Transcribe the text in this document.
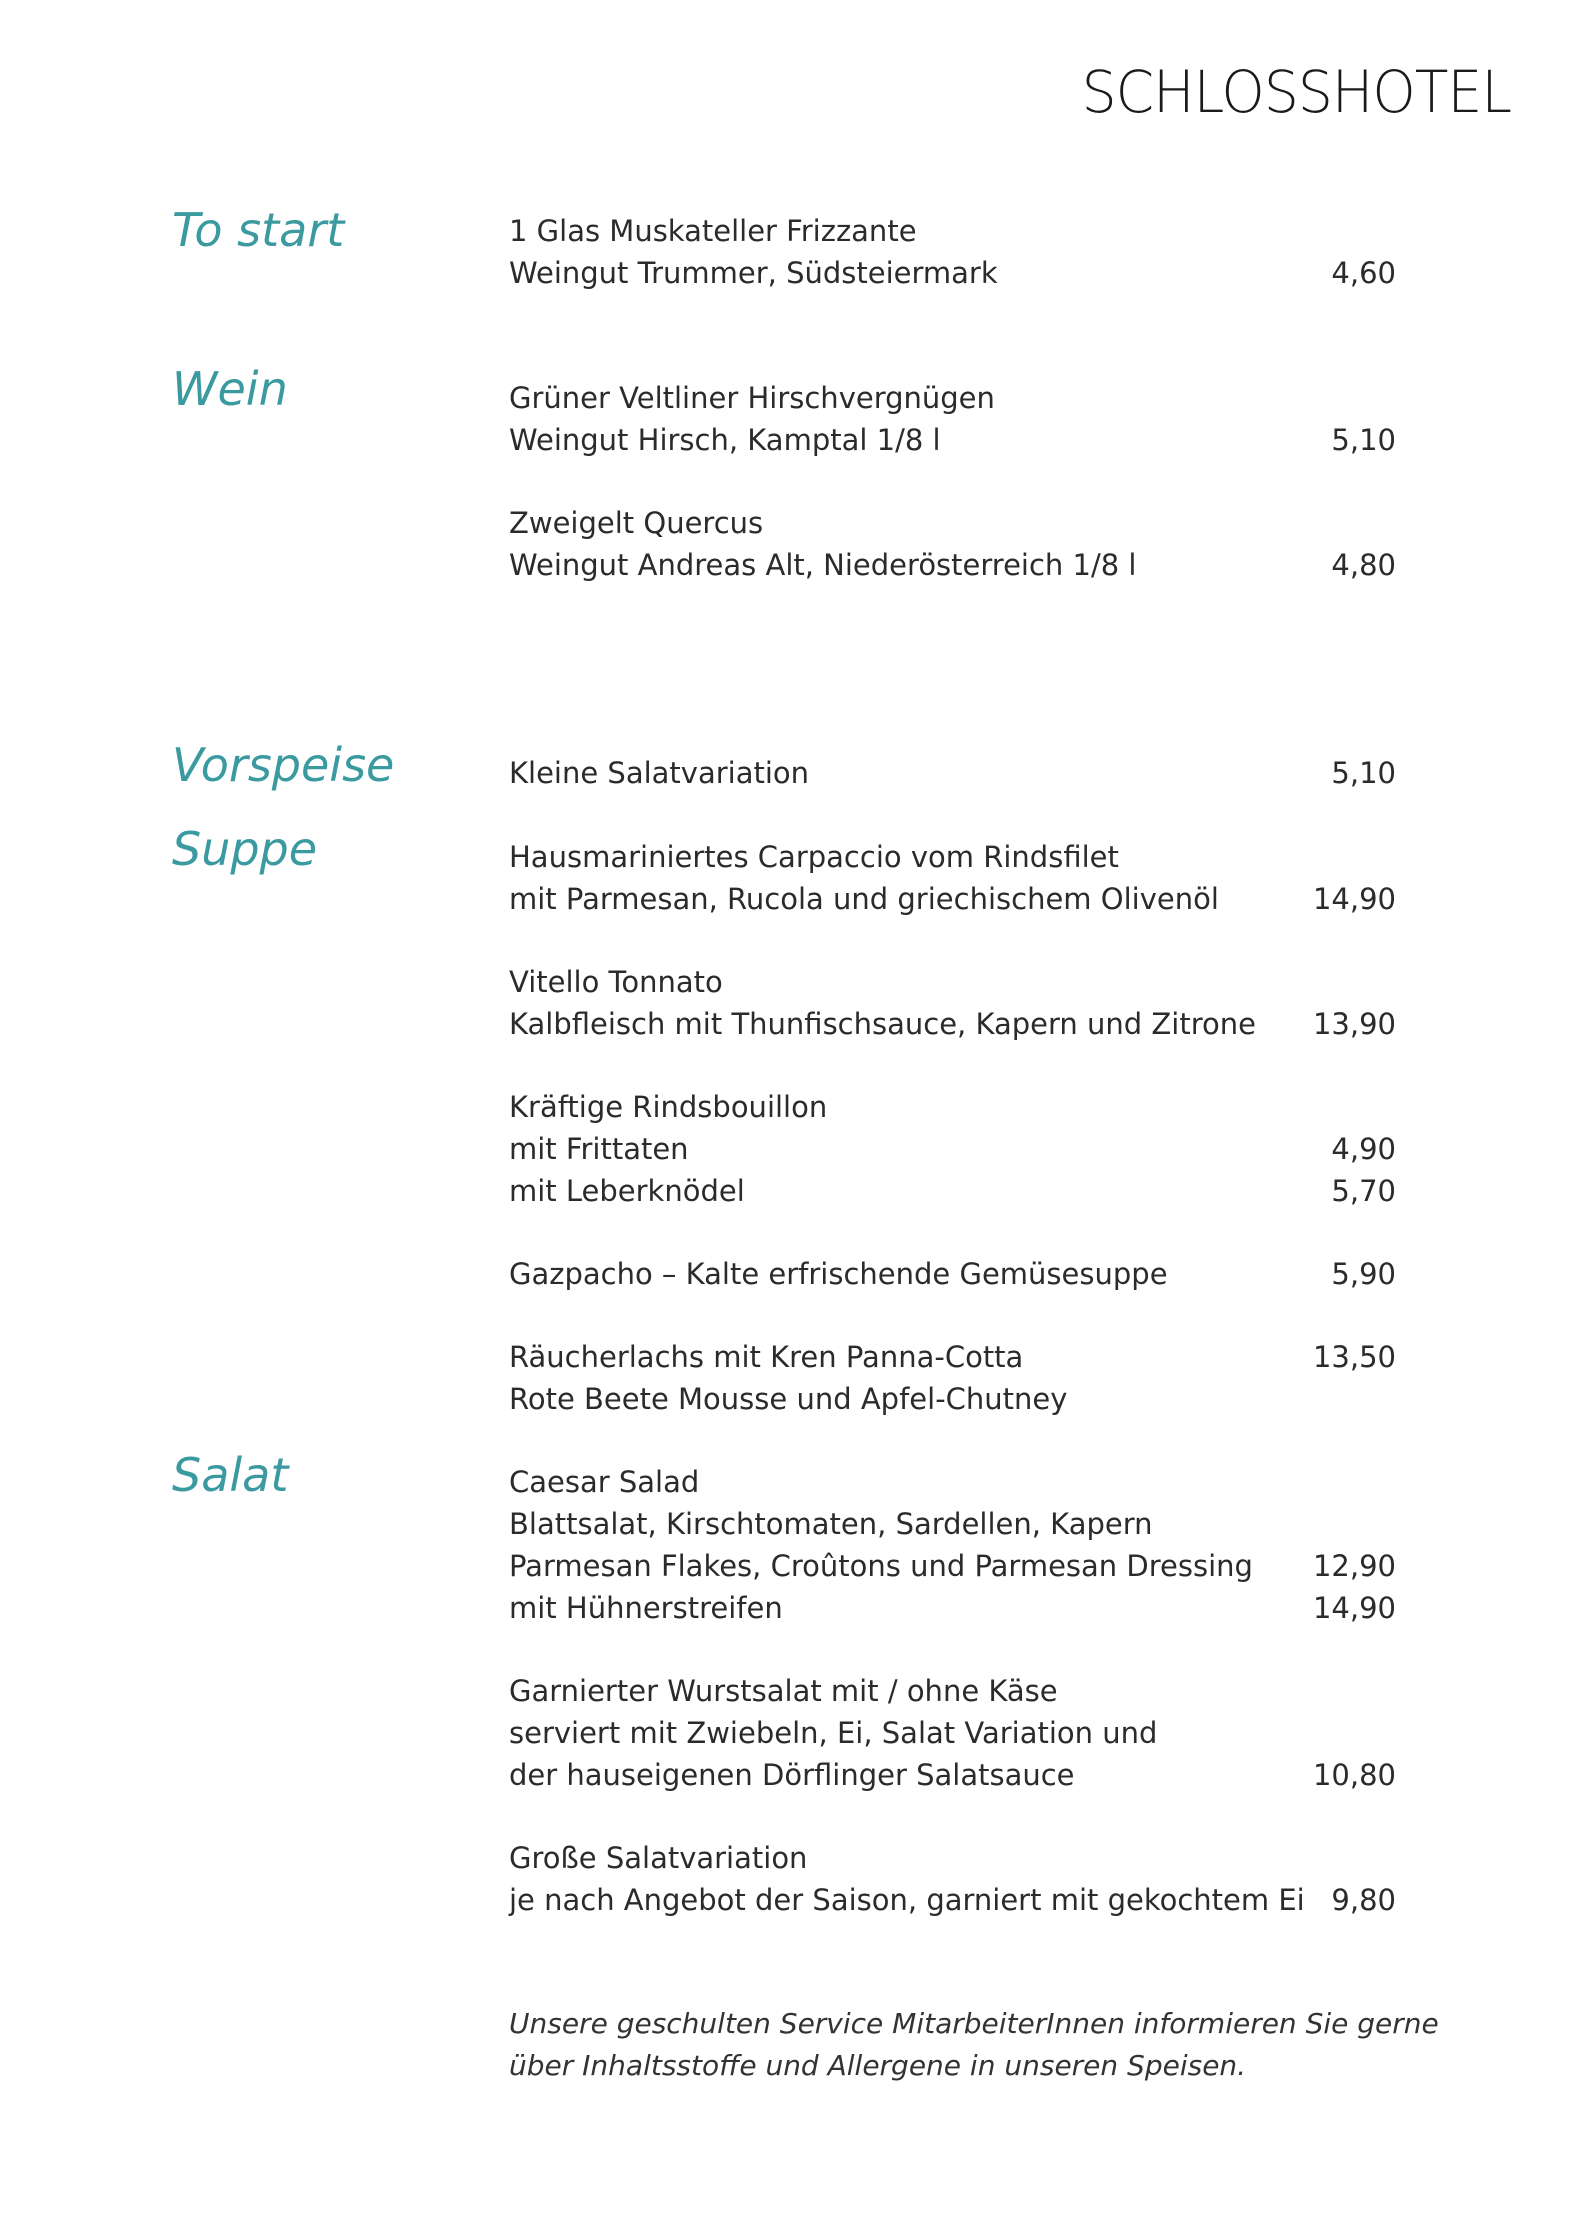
SCHLOSSHOTEL
To start
Wein
Vorspeise
Suppe
Salat
1 Glas Muskateller Frizzante
Weingut Trummer, Südsteiermark	4,60
Grüner Veltliner Hirschvergnügen
Weingut Hirsch, Kamptal 1/8 l	5,10
Zweigelt Quercus
Weingut Andreas Alt, Niederösterreich 1/8 l	4,80
Kleine Salatvariation	5,10
Hausmariniertes Carpaccio vom Rindsfilet
mit Parmesan, Rucola und griechischem Olivenöl	14,90
Vitello Tonnato
Kalbfleisch mit Thunfischsauce, Kapern und Zitrone 13,90
Kräftige Rindsbouillon
mit Frittaten	4,90
mit Leberknödel	5,70
Gazpacho – Kalte erfrischende Gemüsesuppe	5,90
Räucherlachs mit Kren Panna-Cotta	13,50
Rote Beete Mousse und Apfel-Chutney
Caesar Salad
Blattsalat, Kirschtomaten, Sardellen, Kapern
Parmesan Flakes, Croûtons und Parmesan Dressing 12,90
mit Hühnerstreifen	14,90
Garnierter Wurstsalat mit / ohne Käse
serviert mit Zwiebeln, Ei, Salat Variation und
der hauseigenen Dörflinger Salatsauce	10,80
Große Salatvariation
je nach Angebot der Saison, garniert mit gekochtem Ei 9,80
Unsere geschulten Service MitarbeiterInnen informieren Sie gerne
über Inhaltsstoffe und Allergene in unseren Speisen.
